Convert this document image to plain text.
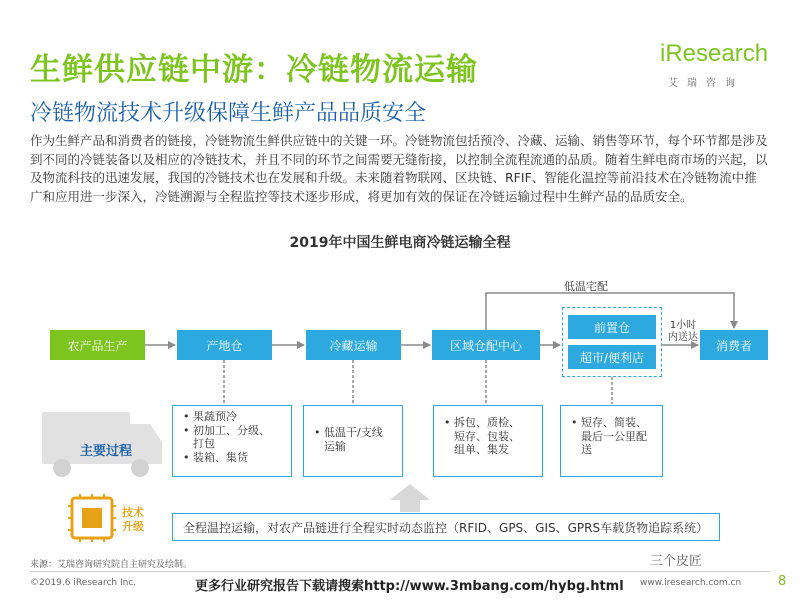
生鲜供应链中游：冷链物流运输
冷链物流技术升级保障生鲜产品品质安全
iResearch
艾瑞咨询
作为生鲜产品和消费者的链接，冷链物流生鲜供应链中的关键一环。冷链物流包括预冷、冷藏、运输、销售等环节，每个环节都是涉及到不同的冷链装备以及相应的冷链技术，并且不同的环节之间需要无缝衔接，以控制全流程流通的品质。随着生鲜电商市场的兴起，以及物流科技的迅速发展，我国的冷链技术也在发展和升级。未来随着物联网、区块链、RFIF、智能化温控等前沿技术在冷链物流中推广和应用进一步深入，冷链溯源与全程监控等技术逐步形成，将更加有效的保证在冷链运输过程中生鲜产品的品质安全。
2019年中国生鲜电商冷链运输全程
农产品生产	产地仓	冷藏运输	区域仓配中心
前置仓
超市/便利店
消费者
低温宅配
1小时
内送达
主要过程
• 果蔬预冷
• 初加工、分级、
打包
• 装箱、集货
• 低温干/支线
运输
• 拆包、质检、
短存、包装、
组单、集发
• 短存、简装、
最后一公里配
送
技术
升级	全程温控运输，对农产品链进行全程实时动态监控（RFID、GPS、GIS、GPRS车载货物追踪系统）
来源：艾瑞咨询研究院自主研究及绘制。	三个皮匠
©2019.6 iResearch Inc.	更多行业研究报告下载请搜索http://www.3mbang.com/hybg.html www.iresearch.com.cn	8
